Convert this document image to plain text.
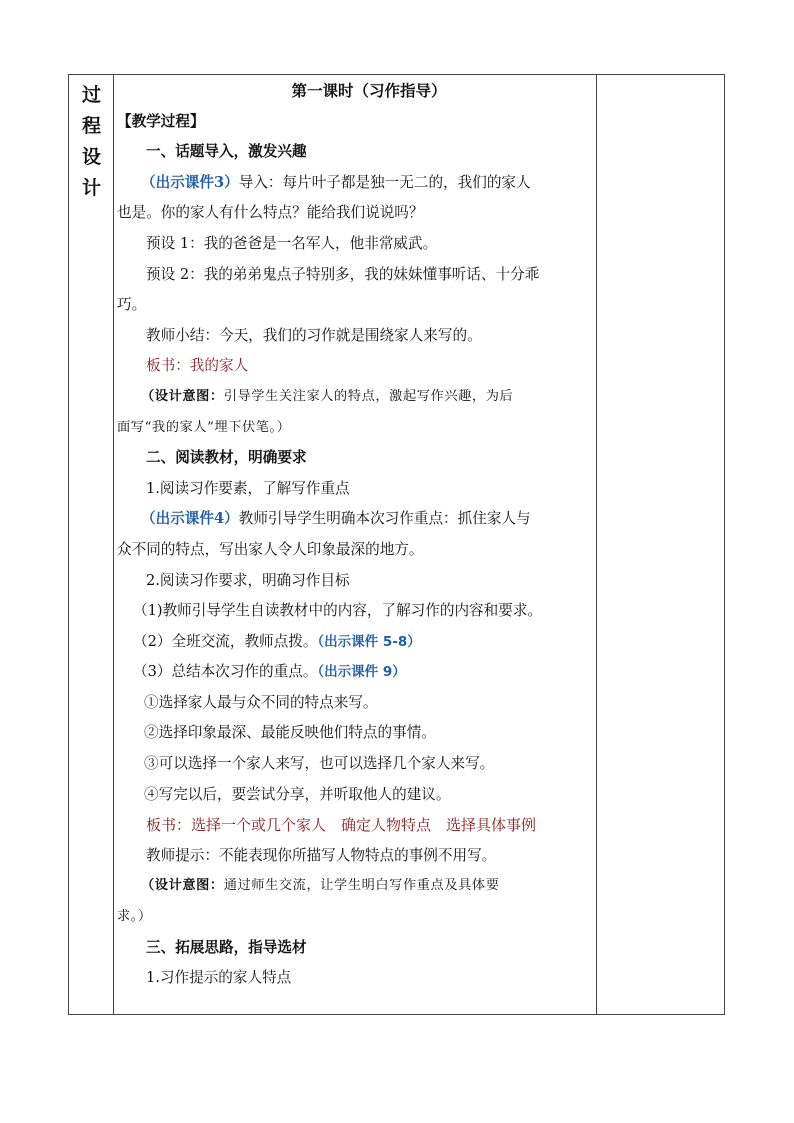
过
程
设
计

第一课时（习作指导）

【教学过程】

一、话题导入，激发兴趣

（出示课件3）导入：每片叶子都是独一无二的，我们的家人

也是。你的家人有什么特点？能给我们说说吗？

预设 1：我的爸爸是一名军人，他非常威武。

预设 2：我的弟弟鬼点子特别多，我的妹妹懂事听话、十分乖

巧。

教师小结：今天，我们的习作就是围绕家人来写的。

板书：我的家人

（设计意图：引导学生关注家人的特点，激起写作兴趣，为后

面写“我的家人”埋下伏笔。）

二、阅读教材，明确要求

1.阅读习作要素，了解写作重点

（出示课件4）教师引导学生明确本次习作重点：抓住家人与

众不同的特点，写出家人令人印象最深的地方。

2.阅读习作要求，明确习作目标

（1)教师引导学生自读教材中的内容，了解习作的内容和要求。

（2）全班交流，教师点拨。（出示课件 5-8）

（3）总结本次习作的重点。（出示课件 9）

①选择家人最与众不同的特点来写。

②选择印象最深、最能反映他们特点的事情。

③可以选择一个家人来写，也可以选择几个家人来写。

④写完以后，要尝试分享，并听取他人的建议。

板书：选择一个或几个家人　确定人物特点　选择具体事例

教师提示：不能表现你所描写人物特点的事例不用写。

（设计意图：通过师生交流，让学生明白写作重点及具体要

求。）

三、拓展思路，指导选材

1.习作提示的家人特点
